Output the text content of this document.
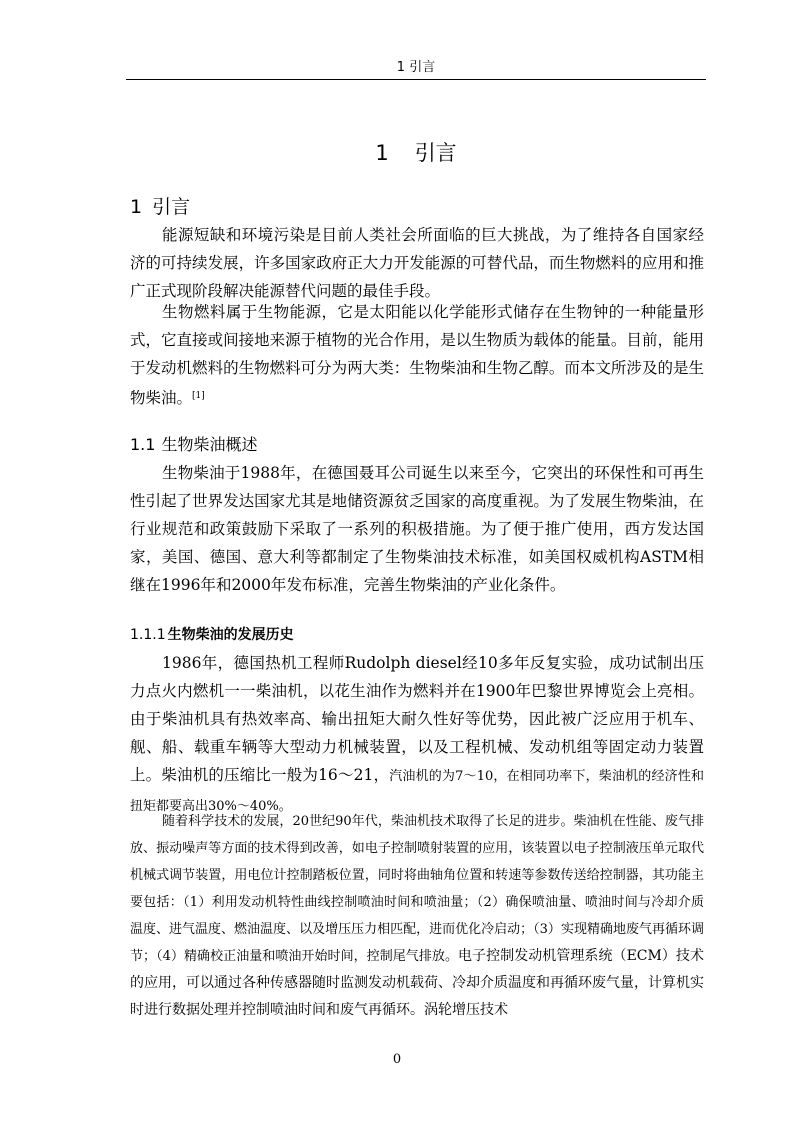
1 引言
1 引言
1 引言

能源短缺和环境污染是目前人类社会所面临的巨大挑战，为了维持各自国家经济的可持续发展，许多国家政府正大力开发能源的可替代品，而生物燃料的应用和推广正式现阶段解决能源替代问题的最佳手段。

生物燃料属于生物能源，它是太阳能以化学能形式储存在生物钟的一种能量形式，它直接或间接地来源于植物的光合作用，是以生物质为载体的能量。目前，能用于发动机燃料的生物燃料可分为两大类：生物柴油和生物乙醇。而本文所涉及的是生物柴油。[1]

1.1 生物柴油概述

生物柴油于1988年，在德国聂耳公司诞生以来至今，它突出的环保性和可再生性引起了世界发达国家尤其是地储资源贫乏国家的高度重视。为了发展生物柴油，在行业规范和政策鼓励下采取了一系列的积极措施。为了便于推广使用，西方发达国家，美国、德国、意大利等都制定了生物柴油技术标准，如美国权威机构ASTM相继在1996年和2000年发布标准，完善生物柴油的产业化条件。

1.1.1 生物柴油的发展历史

1986年，德国热机工程师Rudolph diesel经10多年反复实验，成功试制出压力点火内燃机一一柴油机，以花生油作为燃料并在1900年巴黎世界博览会上亮相。由于柴油机具有热效率高、输出扭矩大耐久性好等优势，因此被广泛应用于机车、舰、船、载重车辆等大型动力机械装置，以及工程机械、发动机组等固定动力装置上。柴油机的压缩比一般为16～21，汽油机的为7～10，在相同功率下，柴油机的经济性和扭矩都要高出30%～40%。

随着科学技术的发展，20世纪90年代，柴油机技术取得了长足的进步。柴油机在性能、废气排放、振动噪声等方面的技术得到改善，如电子控制喷射装置的应用，该装置以电子控制液压单元取代机械式调节装置，用电位计控制踏板位置，同时将曲轴角位置和转速等参数传送给控制器，其功能主要包括：（1）利用发动机特性曲线控制喷油时间和喷油量；（2）确保喷油量、喷油时间与冷却介质温度、进气温度、燃油温度、以及增压压力相匹配，进而优化冷启动；（3）实现精确地废气再循环调节；（4）精确校正油量和喷油开始时间，控制尾气排放。电子控制发动机管理系统（ECM）技术的应用，可以通过各种传感器随时监测发动机载荷、冷却介质温度和再循环废气量，计算机实时进行数据处理并控制喷油时间和废气再循环。涡轮增压技术

0
